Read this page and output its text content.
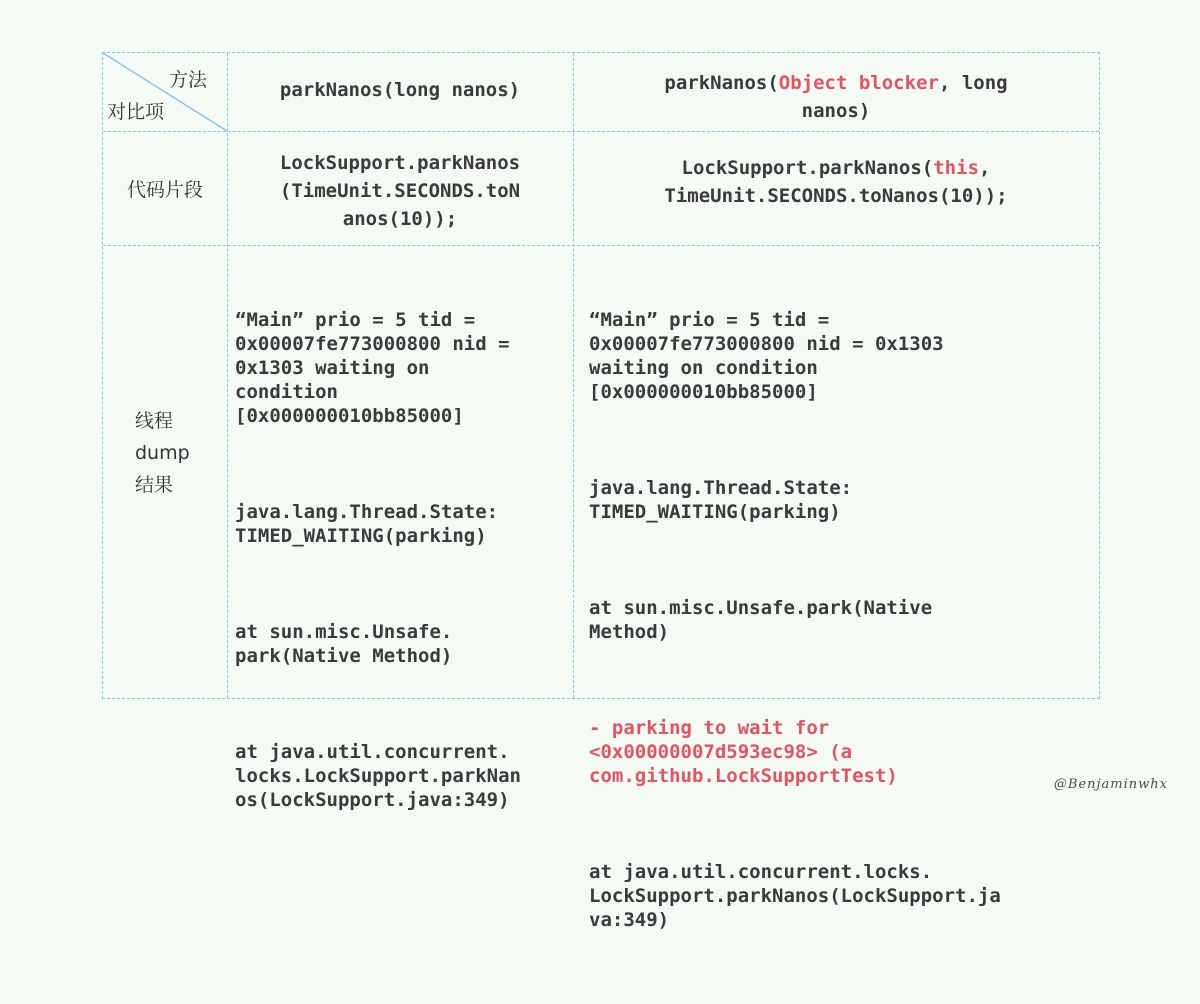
方法
对比项
parkNanos(long nanos)	parkNanos(Object blocker, long
nanos)
代码片段
LockSupport.parkNanos
(TimeUnit.SECONDS.toN
anos(10));
LockSupport.parkNanos(this,
TimeUnit.SECONDS.toNanos(10));
线程
dump
结果

“Main” prio = 5 tid =
0x00007fe773000800 nid =
0x1303 waiting on
condition
[0x000000010bb85000]

java.lang.Thread.State:
TIMED_WAITING(parking)

at sun.misc.Unsafe.
park(Native Method)

at java.util.concurrent.
locks.LockSupport.parkNan
os(LockSupport.java:349)

“Main” prio = 5 tid =
0x00007fe773000800 nid = 0x1303
waiting on condition
[0x000000010bb85000]

java.lang.Thread.State:
TIMED_WAITING(parking)

at sun.misc.Unsafe.park(Native
Method)

- parking to wait for
<0x00000007d593ec98> (a
com.github.LockSupportTest)

at java.util.concurrent.locks.
LockSupport.parkNanos(LockSupport.ja
va:349)

@Benjaminwhx
